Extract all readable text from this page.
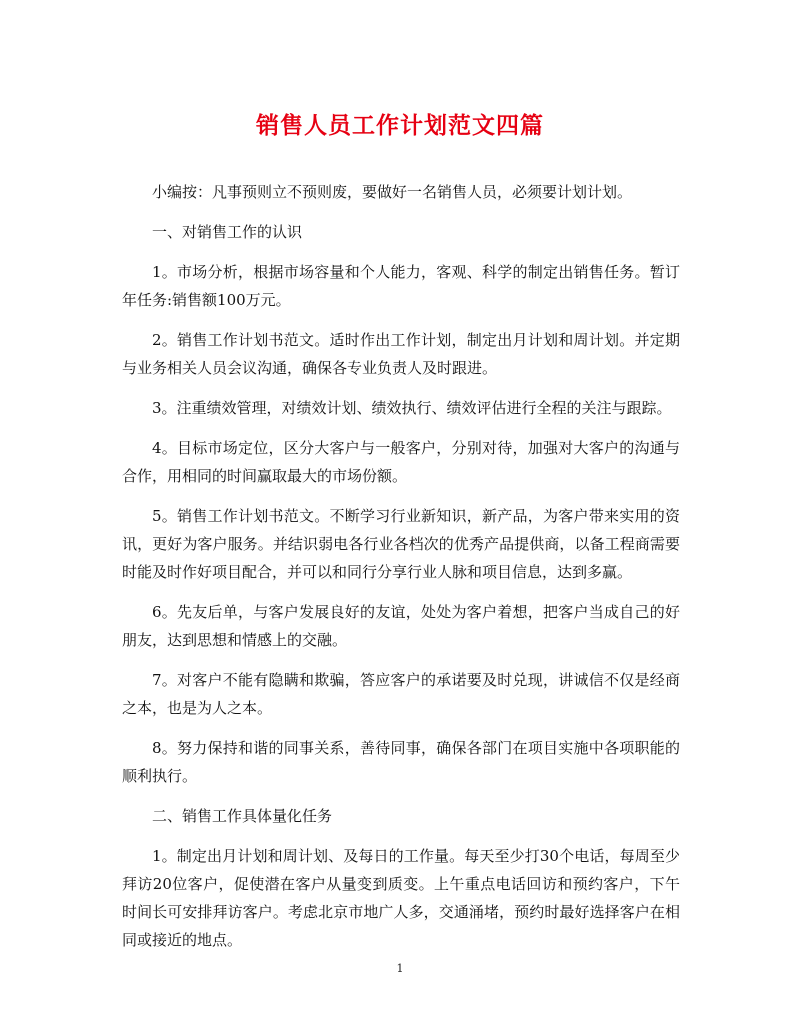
销售人员工作计划范文四篇

小编按：凡事预则立不预则废，要做好一名销售人员，必须要计划计划。

一、对销售工作的认识

1。市场分析，根据市场容量和个人能力，客观、科学的制定出销售任务。暂订年任务:销售额100万元。

2。销售工作计划书范文。适时作出工作计划，制定出月计划和周计划。并定期与业务相关人员会议沟通，确保各专业负责人及时跟进。

3。注重绩效管理，对绩效计划、绩效执行、绩效评估进行全程的关注与跟踪。

4。目标市场定位，区分大客户与一般客户，分别对待，加强对大客户的沟通与合作，用相同的时间赢取最大的市场份额。

5。销售工作计划书范文。不断学习行业新知识，新产品，为客户带来实用的资讯，更好为客户服务。并结识弱电各行业各档次的优秀产品提供商，以备工程商需要时能及时作好项目配合，并可以和同行分享行业人脉和项目信息，达到多赢。

6。先友后单，与客户发展良好的友谊，处处为客户着想，把客户当成自己的好朋友，达到思想和情感上的交融。

7。对客户不能有隐瞒和欺骗，答应客户的承诺要及时兑现，讲诚信不仅是经商之本，也是为人之本。

8。努力保持和谐的同事关系，善待同事，确保各部门在项目实施中各项职能的顺利执行。

二、销售工作具体量化任务

1。制定出月计划和周计划、及每日的工作量。每天至少打30个电话，每周至少拜访20位客户，促使潜在客户从量变到质变。上午重点电话回访和预约客户，下午时间长可安排拜访客户。考虑北京市地广人多，交通涌堵，预约时最好选择客户在相同或接近的地点。

1
